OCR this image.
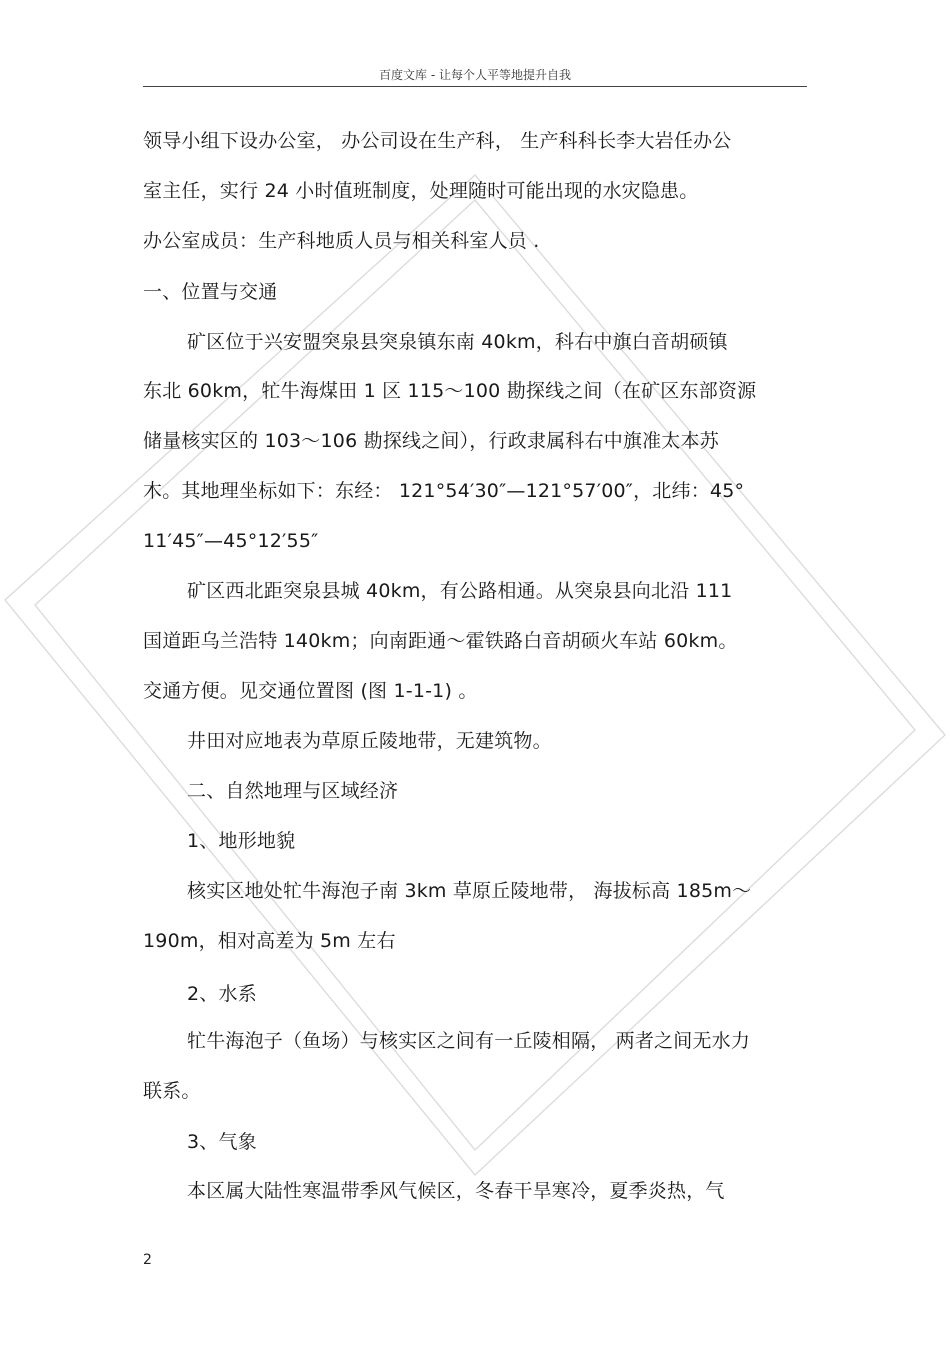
百度文库 - 让每个人平等地提升自我
领导小组下设办公室， 办公司设在生产科， 生产科科长李大岩任办公
室主任，实行 24 小时值班制度，处理随时可能出现的水灾隐患。
办公室成员：生产科地质人员与相关科室人员 .
一、位置与交通
矿区位于兴安盟突泉县突泉镇东南 40km，科右中旗白音胡硕镇
东北 60km，牤牛海煤田 1 区 115～100 勘探线之间（在矿区东部资源
储量核实区的 103～106 勘探线之间），行政隶属科右中旗准太本苏
木。其地理坐标如下：东经： 121°54′30″—121°57′00″，北纬：45°
11′45″—45°12′55″
矿区西北距突泉县城 40km，有公路相通。从突泉县向北沿 111
国道距乌兰浩特 140km；向南距通～霍铁路白音胡硕火车站 60km。
交通方便。见交通位置图 (图 1-1-1) 。
井田对应地表为草原丘陵地带，无建筑物。
二、自然地理与区域经济
1、地形地貌
核实区地处牤牛海泡子南 3km 草原丘陵地带， 海拔标高 185m～
190m，相对高差为 5m 左右
2、水系
牤牛海泡子（鱼场）与核实区之间有一丘陵相隔， 两者之间无水力
联系。
3、气象
本区属大陆性寒温带季风气候区，冬春干旱寒冷，夏季炎热，气
2
